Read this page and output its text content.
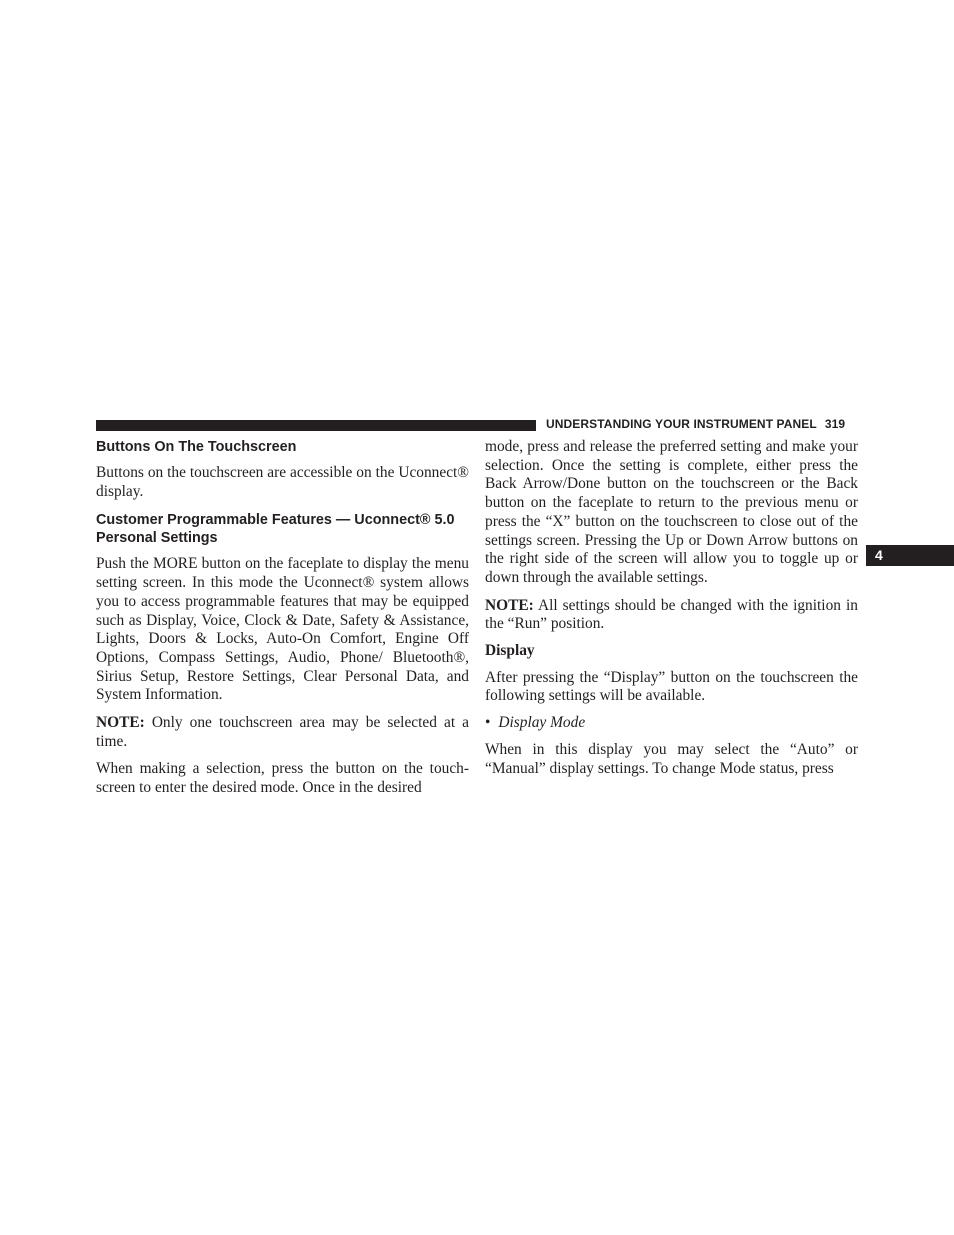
UNDERSTANDING YOUR INSTRUMENT PANEL 319
4
Buttons On The Touchscreen

Buttons on the touchscreen are accessible on the Uconnect® display.

Customer Programmable Features — Uconnect® 5.0 Personal Settings

Push the MORE button on the faceplate to display the menu setting screen. In this mode the Uconnect® system allows you to access programmable features that may be equipped such as Display, Voice, Clock & Date, Safety & Assistance, Lights, Doors & Locks, Auto-On Comfort, Engine Off Options, Compass Settings, Audio, Phone/ Bluetooth®, Sirius Setup, Restore Settings, Clear Personal Data, and System Information.

NOTE: Only one touchscreen area may be selected at a time.

When making a selection, press the button on the touch-screen to enter the desired mode. Once in the desired

mode, press and release the preferred setting and make your selection. Once the setting is complete, either press the Back Arrow/Done button on the touchscreen or the Back button on the faceplate to return to the previous menu or press the “X” button on the touchscreen to close out of the settings screen. Pressing the Up or Down Arrow buttons on the right side of the screen will allow you to toggle up or down through the available settings.

NOTE: All settings should be changed with the ignition in the “Run” position.

Display

After pressing the “Display” button on the touchscreen the following settings will be available.

• Display Mode

When in this display you may select the “Auto” or “Manual” display settings. To change Mode status, press
